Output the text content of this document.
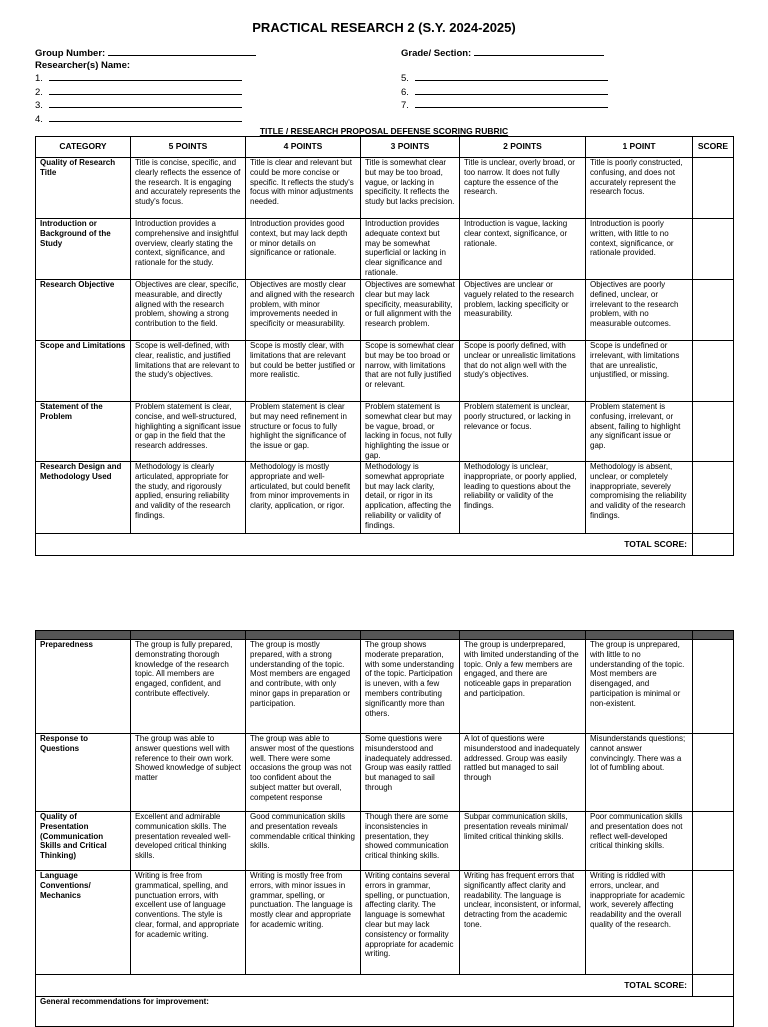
PRACTICAL RESEARCH 2 (S.Y. 2024-2025)
Group Number:
Researcher(s) Name:
1.
2.
3.
4.
Grade/ Section:
5.
6.
7.
TITLE / RESEARCH PROPOSAL DEFENSE SCORING RUBRIC
CATEGORY	5 POINTS	4 POINTS	3 POINTS	2 POINTS	1 POINT	SCORE
Quality of Research Title	Title is concise, specific, and clearly reflects the essence of the research. It is engaging and accurately represents the study's focus.	Title is clear and relevant but could be more concise or specific. It reflects the study's focus with minor adjustments needed.	Title is somewhat clear but may be too broad, vague, or lacking in specificity. It reflects the study but lacks precision.	Title is unclear, overly broad, or too narrow. It does not fully capture the essence of the research.	Title is poorly constructed, confusing, and does not accurately represent the research focus.	
Introduction or Background of the Study	Introduction provides a comprehensive and insightful overview, clearly stating the context, significance, and rationale for the study.	Introduction provides good context, but may lack depth or minor details on significance or rationale.	Introduction provides adequate context but may be somewhat superficial or lacking in clear significance and rationale.	Introduction is vague, lacking clear context, significance, or rationale.	Introduction is poorly written, with little to no context, significance, or rationale provided.	
Research Objective	Objectives are clear, specific, measurable, and directly aligned with the research problem, showing a strong contribution to the field.	Objectives are mostly clear and aligned with the research problem, with minor improvements needed in specificity or measurability.	Objectives are somewhat clear but may lack specificity, measurability, or full alignment with the research problem.	Objectives are unclear or vaguely related to the research problem, lacking specificity or measurability.	Objectives are poorly defined, unclear, or irrelevant to the research problem, with no measurable outcomes.	
Scope and Limitations	Scope is well-defined, with clear, realistic, and justified limitations that are relevant to the study's objectives.	Scope is mostly clear, with limitations that are relevant but could be better justified or more realistic.	Scope is somewhat clear but may be too broad or narrow, with limitations that are not fully justified or relevant.	Scope is poorly defined, with unclear or unrealistic limitations that do not align well with the study's objectives.	Scope is undefined or irrelevant, with limitations that are unrealistic, unjustified, or missing.	
Statement of the Problem	Problem statement is clear, concise, and well-structured, highlighting a significant issue or gap in the field that the research addresses.	Problem statement is clear but may need refinement in structure or focus to fully highlight the significance of the issue or gap.	Problem statement is somewhat clear but may be vague, broad, or lacking in focus, not fully highlighting the issue or gap.	Problem statement is unclear, poorly structured, or lacking in relevance or focus.	Problem statement is confusing, irrelevant, or absent, failing to highlight any significant issue or gap.	
Research Design and Methodology Used	Methodology is clearly articulated, appropriate for the study, and rigorously applied, ensuring reliability and validity of the research findings.	Methodology is mostly appropriate and well-articulated, but could benefit from minor improvements in clarity, application, or rigor.	Methodology is somewhat appropriate but may lack clarity, detail, or rigor in its application, affecting the reliability or validity of findings.	Methodology is unclear, inappropriate, or poorly applied, leading to questions about the reliability or validity of the findings.	Methodology is absent, unclear, or completely inappropriate, severely compromising the reliability and validity of the research findings.	
TOTAL SCORE:						

Preparedness	The group is fully prepared, demonstrating thorough knowledge of the research topic. All members are engaged, confident, and contribute effectively.	The group is mostly prepared, with a strong understanding of the topic. Most members are engaged and contribute, with only minor gaps in preparation or participation.	The group shows moderate preparation, with some understanding of the topic. Participation is uneven, with a few members contributing significantly more than others.	The group is underprepared, with limited understanding of the topic. Only a few members are engaged, and there are noticeable gaps in preparation and participation.	The group is unprepared, with little to no understanding of the topic. Most members are disengaged, and participation is minimal or non-existent.	
Response to Questions	The group was able to answer questions well with reference to their own work. Showed knowledge of subject matter	The group was able to answer most of the questions well. There were some occasions the group was not too confident about the subject matter but overall, competent response	Some questions were misunderstood and inadequately addressed. Group was easily rattled but managed to sail through	A lot of questions were misunderstood and inadequately addressed. Group was easily rattled but managed to sail through	Misunderstands questions; cannot answer convincingly. There was a lot of fumbling about.	
Quality of Presentation (Communication Skills and Critical Thinking)	Excellent and admirable communication skills. The presentation revealed well-developed critical thinking skills.	Good communication skills and presentation reveals commendable critical thinking skills.	Though there are some inconsistencies in presentation, they showed communication critical thinking skills.	Subpar communication skills, presentation reveals minimal/ limited critical thinking skills.	Poor communication skills and presentation does not reflect well-developed critical thinking skills.	
Language Conventions/ Mechanics	Writing is free from grammatical, spelling, and punctuation errors, with excellent use of language conventions. The style is clear, formal, and appropriate for academic writing.	Writing is mostly free from errors, with minor issues in grammar, spelling, or punctuation. The language is mostly clear and appropriate for academic writing.	Writing contains several errors in grammar, spelling, or punctuation, affecting clarity. The language is somewhat clear but may lack consistency or formality appropriate for academic writing.	Writing has frequent errors that significantly affect clarity and readability. The language is unclear, inconsistent, or informal, detracting from the academic tone.	Writing is riddled with errors, unclear, and inappropriate for academic work, severely affecting readability and the overall quality of the research.	
TOTAL SCORE:						
General recommendations for improvement:						
